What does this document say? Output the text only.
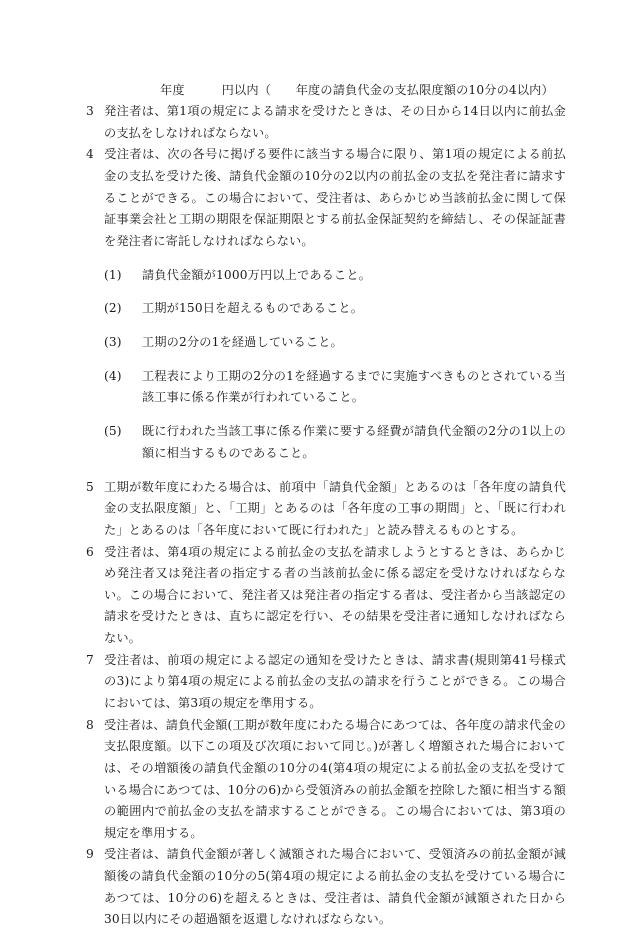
年度　　　円以内（　　年度の請負代金の支払限度額の10分の4以内）

3 発注者は、第1項の規定による請求を受けたときは、その日から14日以内に前払金の支払をしなければならない。

4 受注者は、次の各号に掲げる要件に該当する場合に限り、第1項の規定による前払金の支払を受けた後、請負代金額の10分の2以内の前払金の支払を発注者に請求することができる。この場合において、受注者は、あらかじめ当該前払金に関して保証事業会社と工期の期限を保証期限とする前払金保証契約を締結し、その保証証書を発注者に寄託しなければならない。

(1) 請負代金額が1000万円以上であること。

(2) 工期が150日を超えるものであること。

(3) 工期の2分の1を経過していること。

(4) 工程表により工期の2分の1を経過するまでに実施すべきものとされている当該工事に係る作業が行われていること。

(5) 既に行われた当該工事に係る作業に要する経費が請負代金額の2分の1以上の額に相当するものであること。

5 工期が数年度にわたる場合は、前項中「請負代金額」とあるのは「各年度の請負代金の支払限度額」と、「工期」とあるのは「各年度の工事の期間」と、「既に行われた」とあるのは「各年度において既に行われた」と読み替えるものとする。

6 受注者は、第4項の規定による前払金の支払を請求しようとするときは、あらかじめ発注者又は発注者の指定する者の当該前払金に係る認定を受けなければならない。この場合において、発注者又は発注者の指定する者は、受注者から当該認定の請求を受けたときは、直ちに認定を行い、その結果を受注者に通知しなければならない。

7 受注者は、前項の規定による認定の通知を受けたときは、請求書(規則第41号様式の3)により第4項の規定による前払金の支払の請求を行うことができる。この場合においては、第3項の規定を準用する。

8 受注者は、請負代金額(工期が数年度にわたる場合にあつては、各年度の請求代金の支払限度額。以下この項及び次項において同じ。)が著しく増額された場合においては、その増額後の請負代金額の10分の4(第4項の規定による前払金の支払を受けている場合にあつては、10分の6)から受領済みの前払金額を控除した額に相当する額の範囲内で前払金の支払を請求することができる。この場合においては、第3項の規定を準用する。

9 受注者は、請負代金額が著しく減額された場合において、受領済みの前払金額が減額後の請負代金額の10分の5(第4項の規定による前払金の支払を受けている場合にあつては、10分の6)を超えるときは、受注者は、請負代金額が減額された日から30日以内にその超過額を返還しなければならない。
